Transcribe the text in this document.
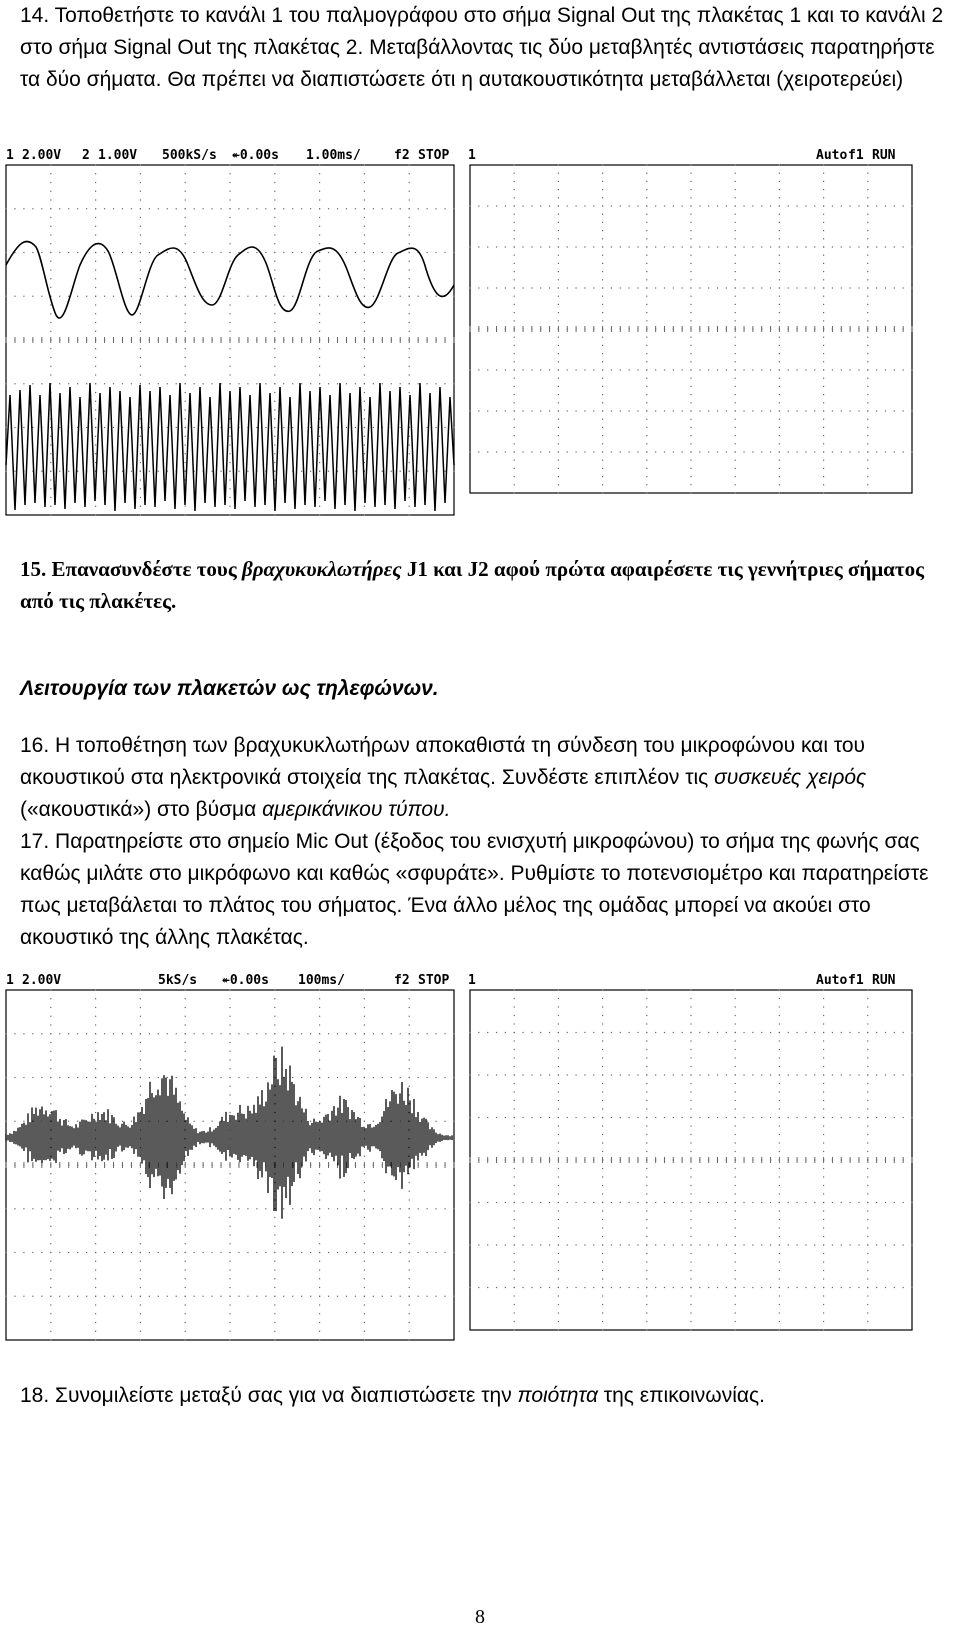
14. Τοποθετήστε το κανάλι 1 του παλμογράφου στο σήμα Signal Out της πλακέτας 1 και το κανάλι 2 στο σήμα Signal Out της πλακέτας 2. Μεταβάλλοντας τις δύο μεταβλητές αντιστάσεις παρατηρήστε τα δύο σήματα. Θα πρέπει να διαπιστώσετε ότι η αυτακουστικότητα μεταβάλλεται (χειροτερεύει)
1 2.00V 2 1.00V 500kS/s ↞0.00s 1.00ms/	f2 STOP 1	Auto f1 RUN
15. Επανασυνδέστε τους βραχυκυκλωτήρες J1 και J2 αφού πρώτα αφαιρέσετε τις γεννήτριες σήματος από τις πλακέτες.
Λειτουργία των πλακετών ως τηλεφώνων.
16. Η τοποθέτηση των βραχυκυκλωτήρων αποκαθιστά τη σύνδεση του μικροφώνου και του ακουστικού στα ηλεκτρονικά στοιχεία της πλακέτας. Συνδέστε επιπλέον τις συσκευές χειρός («ακουστικά») στο βύσμα αμερικάνικου τύπου.
17. Παρατηρείστε στο σημείο Mic Out (έξοδος του ενισχυτή μικροφώνου) το σήμα της φωνής σας καθώς μιλάτε στο μικρόφωνο και καθώς «σφυράτε». Ρυθμίστε το ποτενσιομέτρο και παρατηρείστε πως μεταβάλεται το πλάτος του σήματος. Ένα άλλο μέλος της ομάδας μπορεί να ακούει στο ακουστικό της άλλης πλακέτας.
1 2.00V	5kS/s ↞0.00s 100ms/	f2 STOP 1	Auto f1 RUN
18. Συνομιλείστε μεταξύ σας για να διαπιστώσετε την ποιότητα της επικοινωνίας.
8
